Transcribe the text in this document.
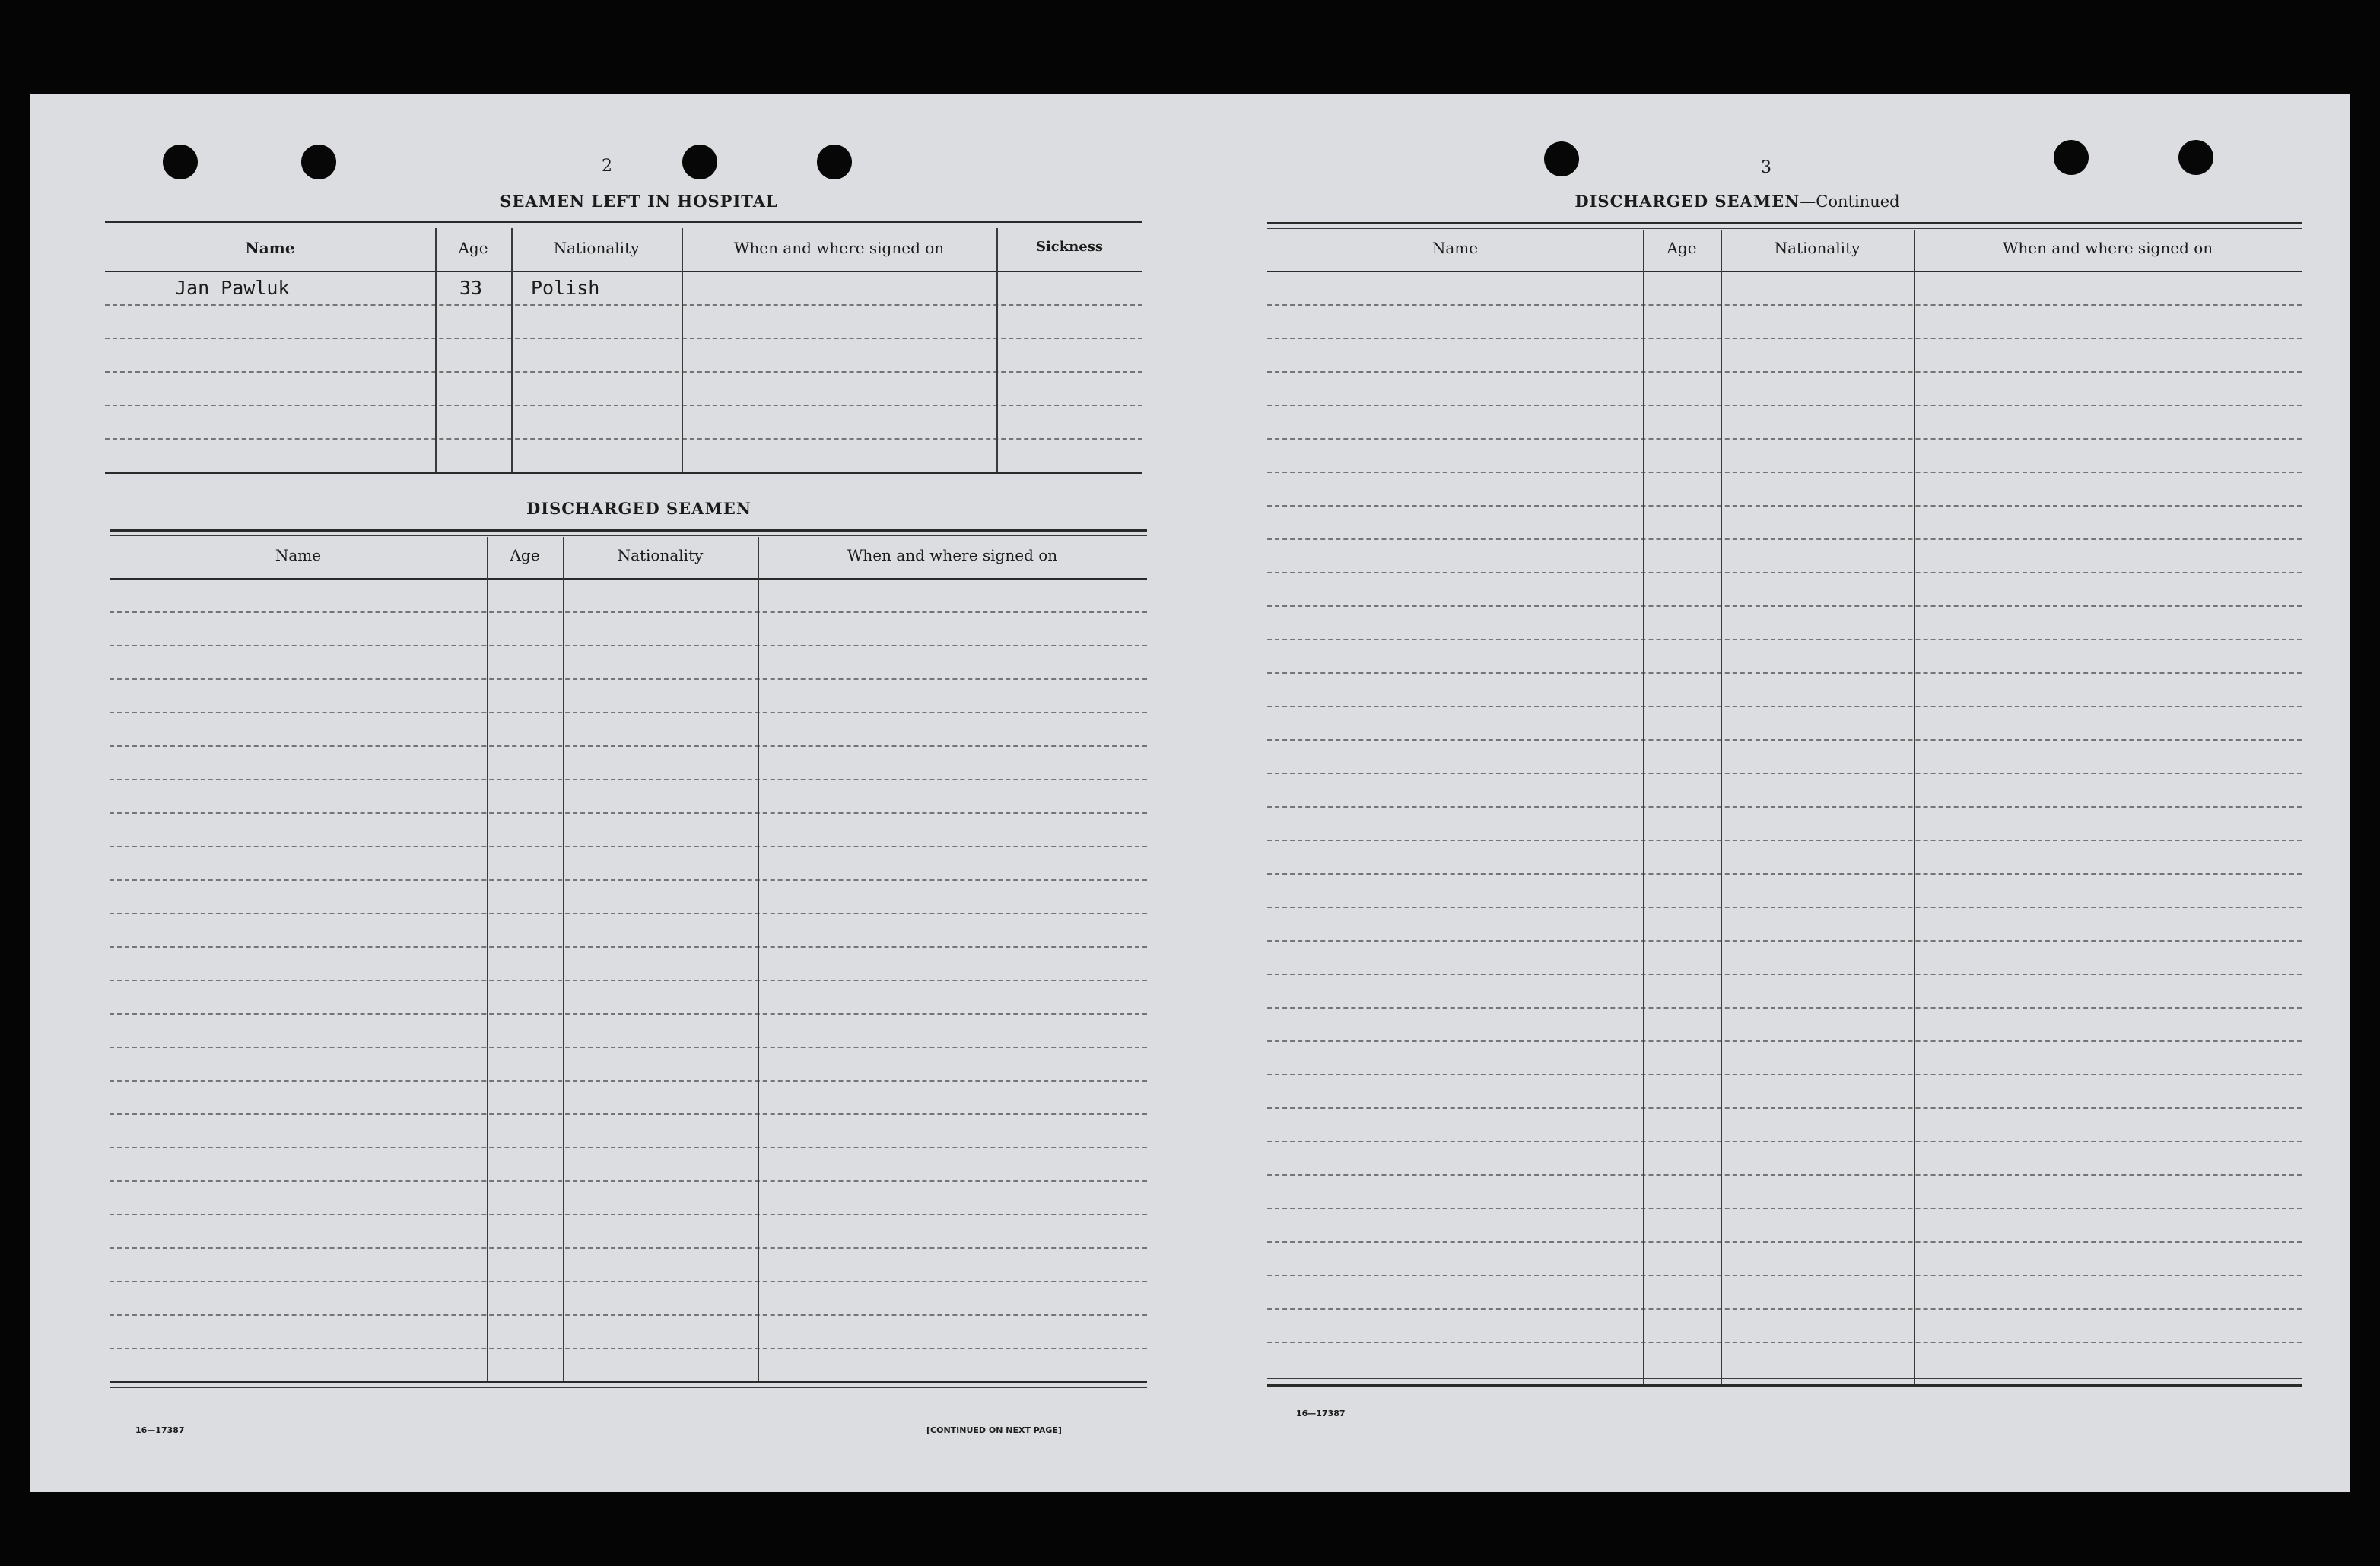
2
SEAMEN LEFT IN HOSPITAL
Name	Age	Nationality	When and where signed on	Sickness
Jan Pawluk	33	Polish
DISCHARGED SEAMEN
Name	Age	Nationality	When and where signed on
16—17387	[CONTINUED ON NEXT PAGE]
3
DISCHARGED SEAMEN—Continued
Name	Age	Nationality	When and where signed on
16—17387
